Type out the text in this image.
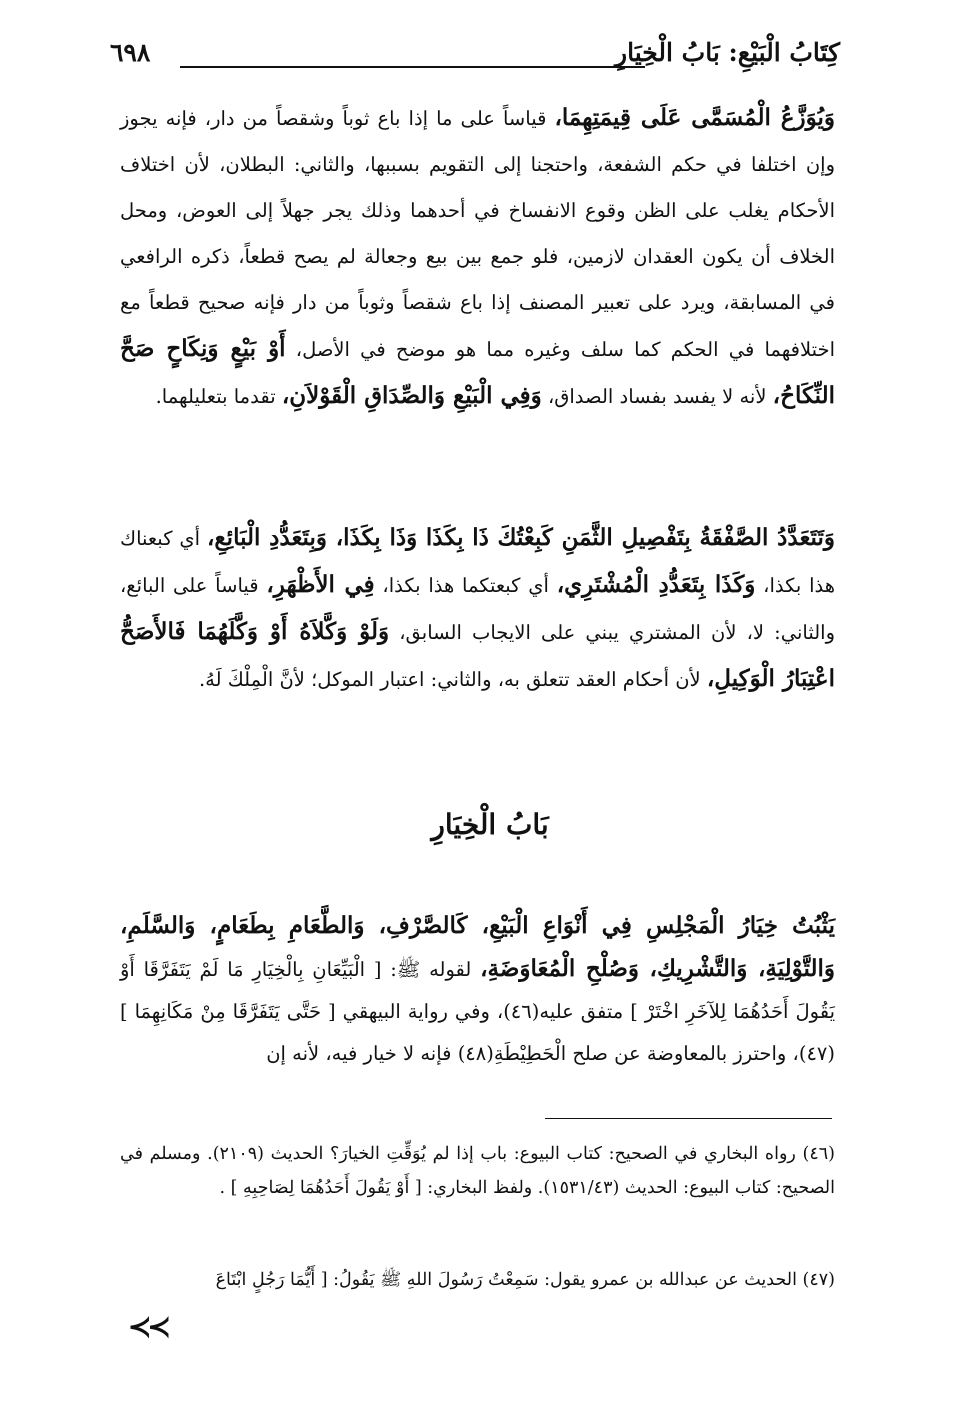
كِتَابُ الْبَيْعِ: بَابُ الْخِيَارِ
٦٩٨
وَيُوَزَّعُ الْمُسَمَّى عَلَى قِيمَتِهِمَا، قياساً على ما إذا باع ثوباً وشقصاً من دار، فإنه يجوز وإن اختلفا في حكم الشفعة، واحتجنا إلى التقويم بسببها، والثاني: البطلان، لأن اختلاف الأحكام يغلب على الظن وقوع الانفساخ في أحدهما وذلك يجر جهلاً إلى العوض، ومحل الخلاف أن يكون العقدان لازمين، فلو جمع بين بيع وجعالة لم يصح قطعاً، ذكره الرافعي في المسابقة، ويرد على تعبير المصنف إذا باع شقصاً وثوباً من دار فإنه صحيح قطعاً مع اختلافهما في الحكم كما سلف وغيره مما هو موضح في الأصل، أَوْ بَيْعٍ وَنِكَاحٍ صَحَّ النِّكَاحُ، لأنه لا يفسد بفساد الصداق، وَفِي الْبَيْعِ وَالصِّدَاقِ الْقَوْلاَنِ، تقدما بتعليلهما.
وَتَتَعَدَّدُ الصَّفْقَةُ بِتَفْصِيلِ الثَّمَنِ كَبِعْتُكَ ذَا بِكَذَا وَذَا بِكَذَا، وَبِتَعَدُّدِ الْبَائِعِ، أي كبعناك هذا بكذا، وَكَذَا بِتَعَدُّدِ الْمُشْتَرِي، أي كبعتكما هذا بكذا، فِي الأَظْهَرِ، قياساً على البائع، والثاني: لا، لأن المشتري يبني على الايجاب السابق، وَلَوْ وَكَّلاَهُ أَوْ وَكَّلَهُمَا فَالأَصَحُّ اعْتِبَارُ الْوَكِيلِ، لأن أحكام العقد تتعلق به، والثاني: اعتبار الموكل؛ لأنَّ الْمِلْكَ لَهُ.
بَابُ الْخِيَارِ
يَثْبُتُ خِيَارُ الْمَجْلِسِ فِي أَنْوَاعِ الْبَيْعِ، كَالصَّرْفِ، وَالطَّعَامِ بِطَعَامٍ، وَالسَّلَمِ، وَالتَّوْلِيَةِ، وَالتَّشْرِيكِ، وَصُلْحِ الْمُعَاوَضَةِ، لقوله ﷺ: [ الْبَيِّعَانِ بِالْخِيَارِ مَا لَمْ يَتَفَرَّقَا أَوْ يَقُولَ أَحَدُهُمَا لِلآخَرِ اخْتَرْ ] متفق عليه(٤٦)، وفي رواية البيهقي [ حَتَّى يَتَفَرَّقَا مِنْ مَكَانِهِمَا ](٤٧)، واحترز بالمعاوضة عن صلح الْحَطِيْطَةِ(٤٨) فإنه لا خيار فيه، لأنه إن
(٤٦) رواه البخاري في الصحيح: كتاب البيوع: باب إذا لم يُوَقِّتِ الخيارَ؟ الحديث (٢١٠٩). ومسلم في الصحيح: كتاب البيوع: الحديث (١٥٣١/٤٣). ولفظ البخاري: [ أَوْ يَقُولَ أَحَدُهُمَا لِصَاحِبِهِ ] .
(٤٧) الحديث عن عبدالله بن عمرو يقول: سَمِعْتُ رَسُولَ اللهِ ﷺ يَقُولُ: [ أَيُّمَا رَجُلٍ ابْتَاعَ
≺≺
